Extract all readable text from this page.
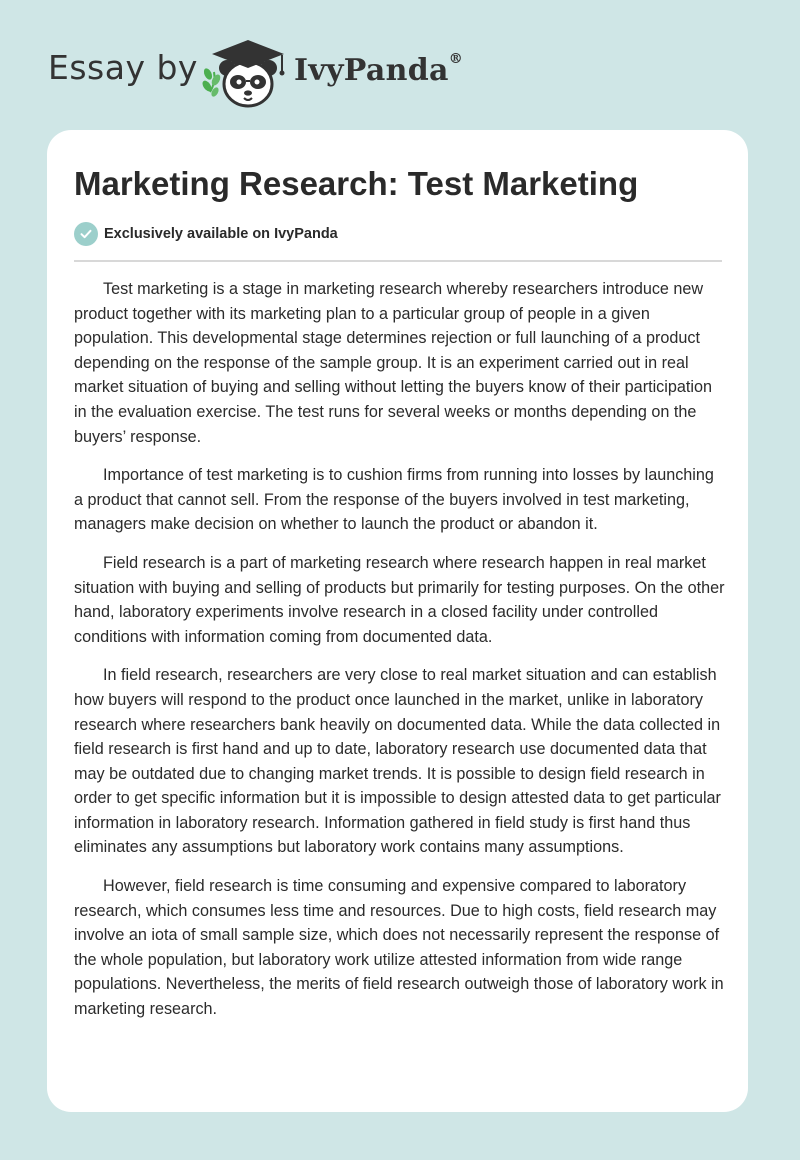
Essay by	IvyPanda®
Marketing Research: Test Marketing
Exclusively available on IvyPanda

Test marketing is a stage in marketing research whereby researchers introduce new product together with its marketing plan to a particular group of people in a given population. This developmental stage determines rejection or full launching of a product depending on the response of the sample group. It is an experiment carried out in real market situation of buying and selling without letting the buyers know of their participation in the evaluation exercise. The test runs for several weeks or months depending on the buyers’ response.

Importance of test marketing is to cushion firms from running into losses by launching a product that cannot sell. From the response of the buyers involved in test marketing, managers make decision on whether to launch the product or abandon it.

Field research is a part of marketing research where research happen in real market situation with buying and selling of products but primarily for testing purposes. On the other hand, laboratory experiments involve research in a closed facility under controlled conditions with information coming from documented data.

In field research, researchers are very close to real market situation and can establish how buyers will respond to the product once launched in the market, unlike in laboratory research where researchers bank heavily on documented data. While the data collected in field research is first hand and up to date, laboratory research use documented data that may be outdated due to changing market trends. It is possible to design field research in order to get specific information but it is impossible to design attested data to get particular information in laboratory research. Information gathered in field study is first hand thus eliminates any assumptions but laboratory work contains many assumptions.

However, field research is time consuming and expensive compared to laboratory research, which consumes less time and resources. Due to high costs, field research may involve an iota of small sample size, which does not necessarily represent the response of the whole population, but laboratory work utilize attested information from wide range populations. Nevertheless, the merits of field research outweigh those of laboratory work in marketing research.
